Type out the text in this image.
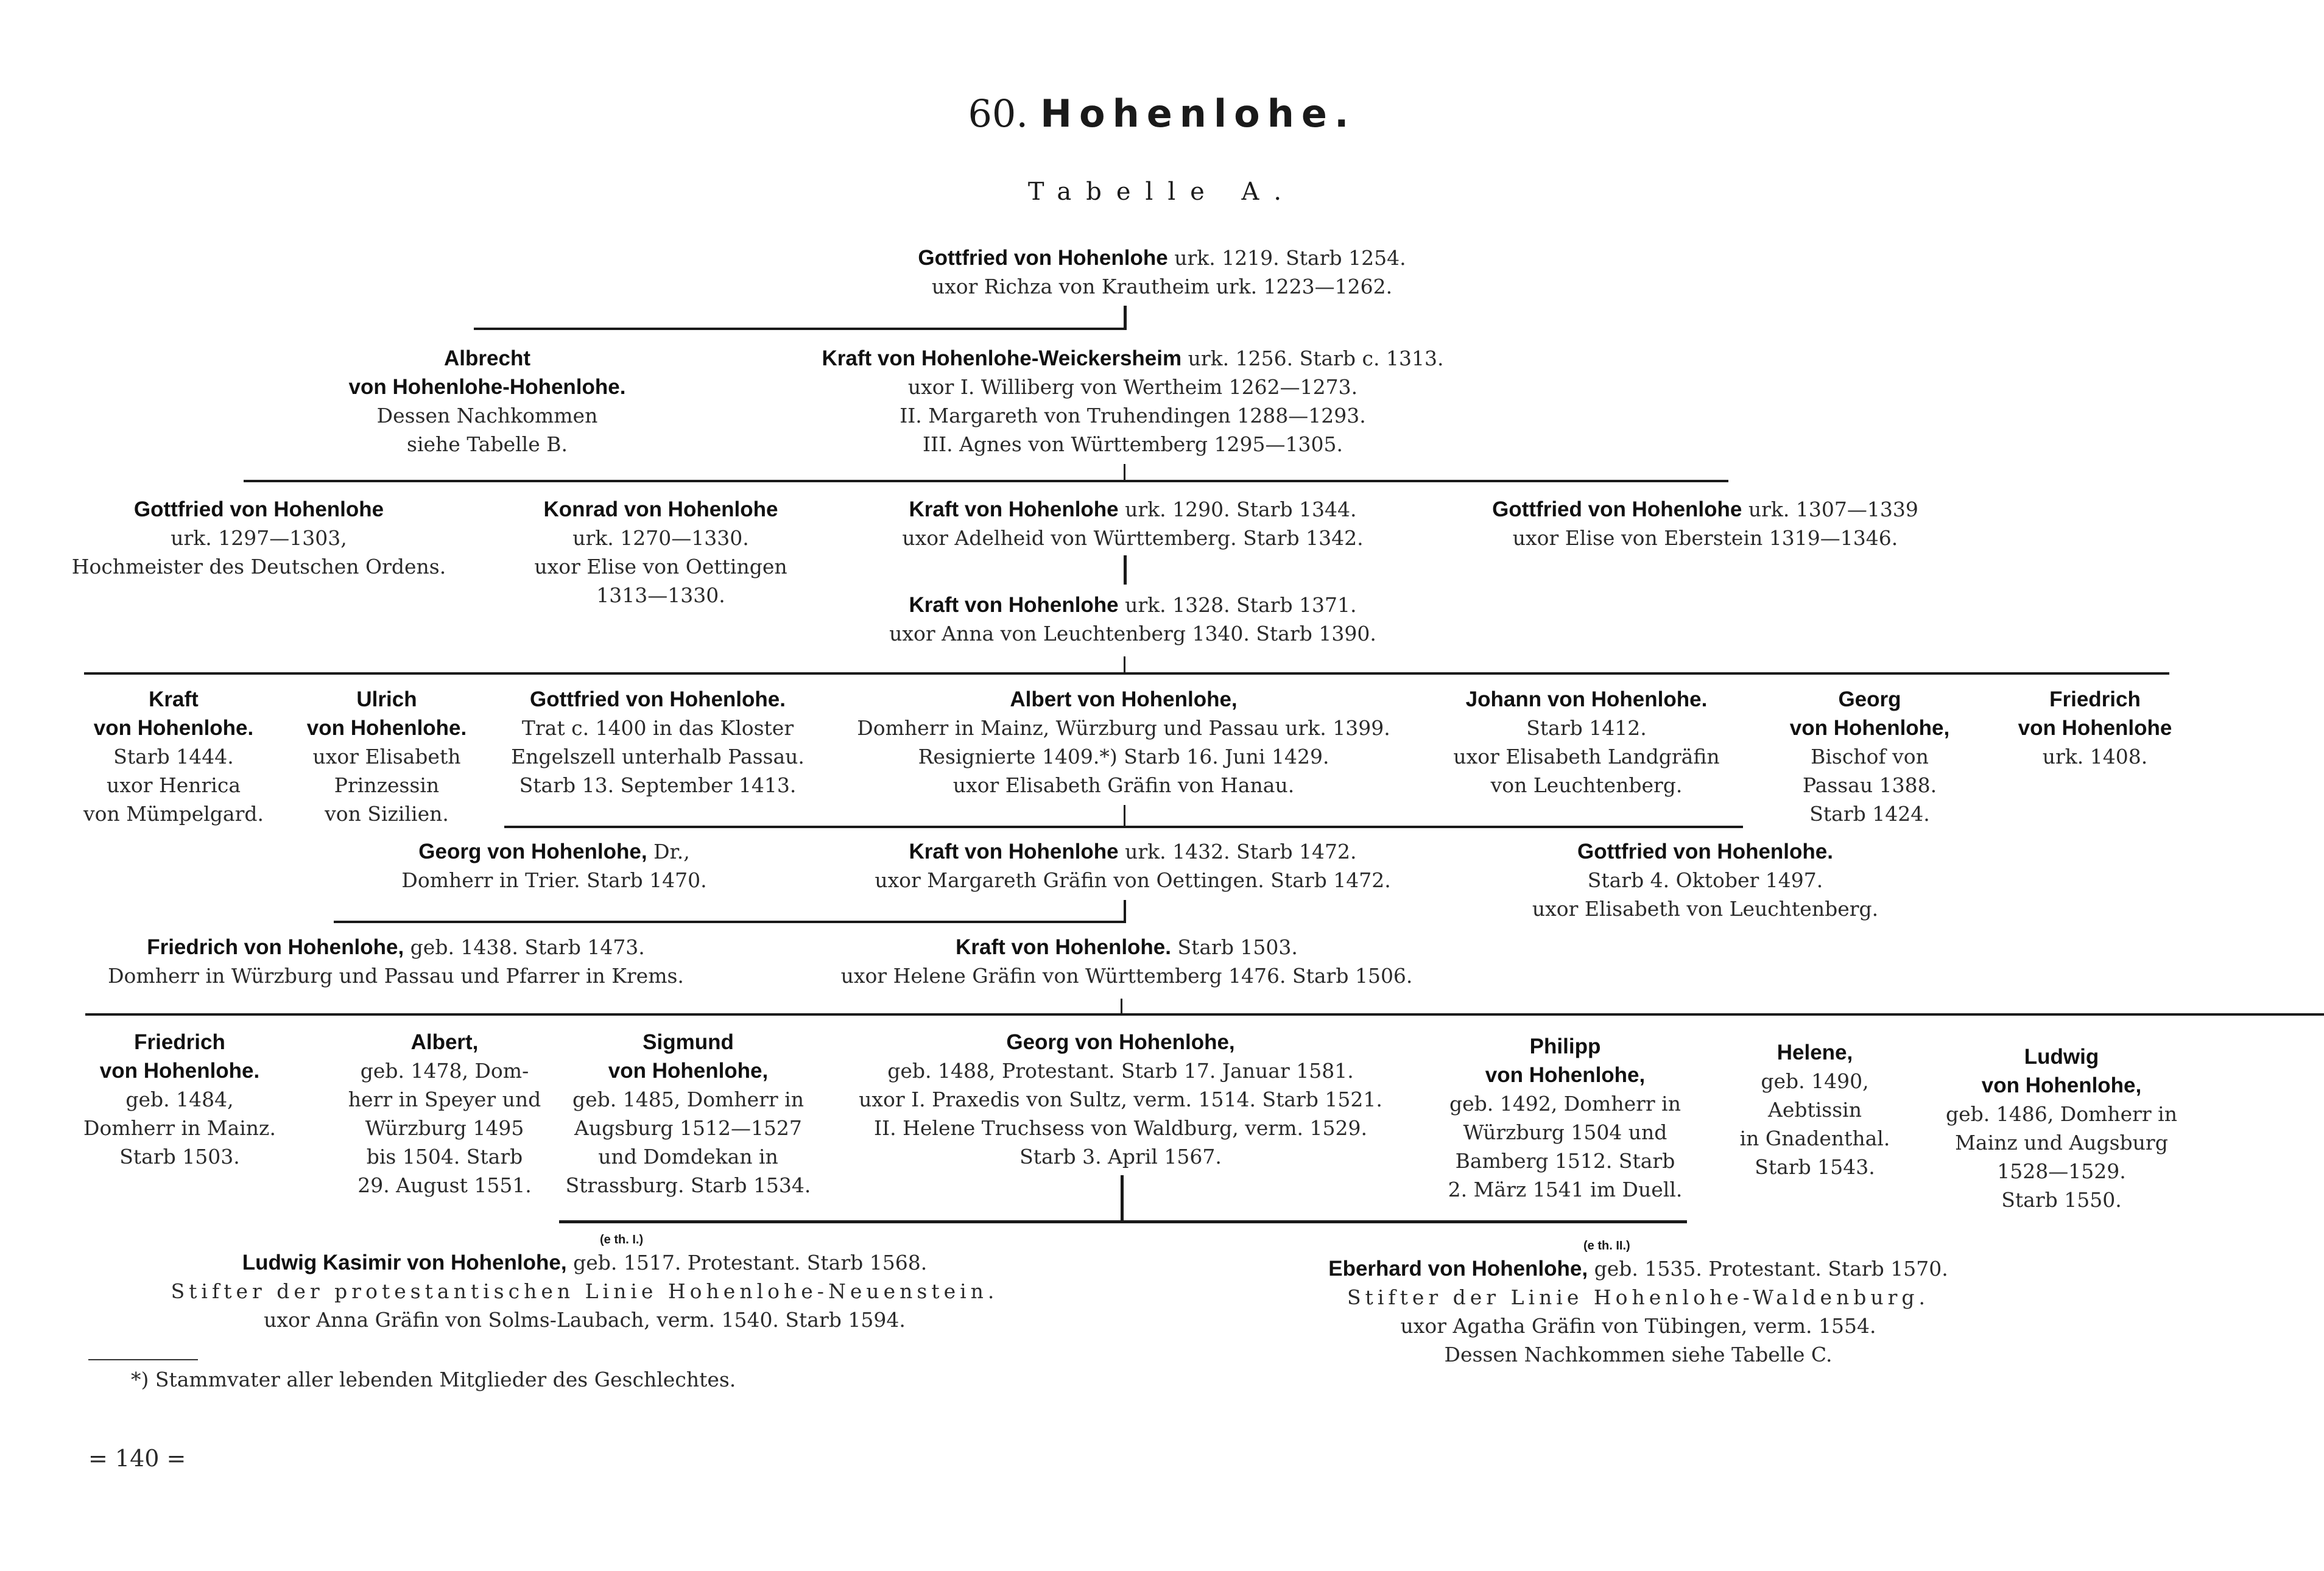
60. Hohenlohe.
Tabelle A.
Gottfried von Hohenlohe urk. 1219. Starb 1254.
uxor Richza von Krautheim urk. 1223—1262.
Albrecht
von Hohenlohe-Hohenlohe.
Dessen Nachkommen
siehe Tabelle B.
Kraft von Hohenlohe-Weickersheim urk. 1256. Starb c. 1313.
uxor I. Williberg von Wertheim 1262—1273.
II. Margareth von Truhendingen 1288—1293.
III. Agnes von Württemberg 1295—1305.
Gottfried von Hohenlohe
urk. 1297—1303,
Hochmeister des Deutschen Ordens.
Konrad von Hohenlohe
urk. 1270—1330.
uxor Elise von Oettingen
1313—1330.
Kraft von Hohenlohe urk. 1290. Starb 1344.
uxor Adelheid von Württemberg. Starb 1342.
Gottfried von Hohenlohe urk. 1307—1339
uxor Elise von Eberstein 1319—1346.
Kraft von Hohenlohe urk. 1328. Starb 1371.
uxor Anna von Leuchtenberg 1340. Starb 1390.
Kraft
von Hohenlohe.
Starb 1444.
uxor Henrica
von Mümpelgard.
Ulrich
von Hohenlohe.
uxor Elisabeth
Prinzessin
von Sizilien.
Gottfried von Hohenlohe.
Trat c. 1400 in das Kloster
Engelszell unterhalb Passau.
Starb 13. September 1413.
Albert von Hohenlohe,
Domherr in Mainz, Würzburg und Passau urk. 1399.
Resignierte 1409.*) Starb 16. Juni 1429.
uxor Elisabeth Gräfin von Hanau.
Johann von Hohenlohe.
Starb 1412.
uxor Elisabeth Landgräfin
von Leuchtenberg.
Georg
von Hohenlohe,
Bischof von
Passau 1388.
Starb 1424.
Friedrich
von Hohenlohe
urk. 1408.
Georg von Hohenlohe, Dr.,
Domherr in Trier. Starb 1470.
Kraft von Hohenlohe urk. 1432. Starb 1472.
uxor Margareth Gräfin von Oettingen. Starb 1472.
Gottfried von Hohenlohe.
Starb 4. Oktober 1497.
uxor Elisabeth von Leuchtenberg.
Friedrich von Hohenlohe, geb. 1438. Starb 1473.
Domherr in Würzburg und Passau und Pfarrer in Krems.
Kraft von Hohenlohe. Starb 1503.
uxor Helene Gräfin von Württemberg 1476. Starb 1506.
Friedrich
von Hohenlohe.
geb. 1484,
Domherr in Mainz.
Starb 1503.
Albert,
geb. 1478, Dom-
herr in Speyer und
Würzburg 1495
bis 1504. Starb
29. August 1551.
Sigmund
von Hohenlohe,
geb. 1485, Domherr in
Augsburg 1512—1527
und Domdekan in
Strassburg. Starb 1534.
Georg von Hohenlohe,
geb. 1488, Protestant. Starb 17. Januar 1581.
uxor I. Praxedis von Sultz, verm. 1514. Starb 1521.
II. Helene Truchsess von Waldburg, verm. 1529.
Starb 3. April 1567.
Philipp
von Hohenlohe,
geb. 1492, Domherr in
Würzburg 1504 und
Bamberg 1512. Starb
2. März 1541 im Duell.
Helene,
geb. 1490,
Aebtissin
in Gnadenthal.
Starb 1543.
Ludwig
von Hohenlohe,
geb. 1486, Domherr in
Mainz und Augsburg
1528—1529.
Starb 1550.
(e th. I.)
Ludwig Kasimir von Hohenlohe, geb. 1517. Protestant. Starb 1568.
Stifter der protestantischen Linie Hohenlohe-Neuenstein.
uxor Anna Gräfin von Solms-Laubach, verm. 1540. Starb 1594.
(e th. II.)
Eberhard von Hohenlohe, geb. 1535. Protestant. Starb 1570.
Stifter der Linie Hohenlohe-Waldenburg.
uxor Agatha Gräfin von Tübingen, verm. 1554.
Dessen Nachkommen siehe Tabelle C.
*) Stammvater aller lebenden Mitglieder des Geschlechtes.
= 140 =
